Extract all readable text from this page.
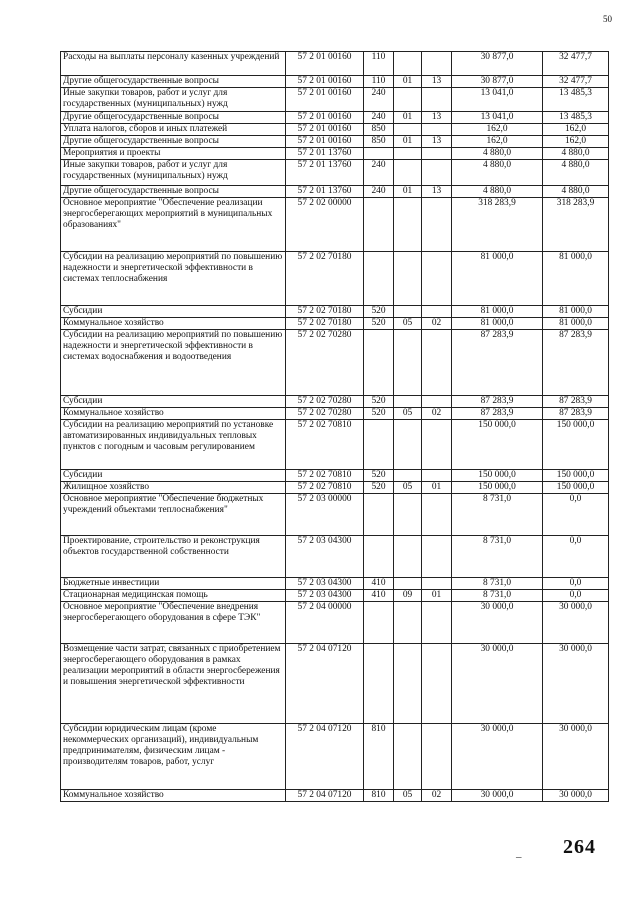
50
Расходы на выплаты персоналу казенных учреждений	57 2 01 00160	110			30 877,0	32 477,7
Другие общегосударственные вопросы	57 2 01 00160	110	01	13	30 877,0	32 477,7
Иные закупки товаров, работ и услуг для государственных (муниципальных) нужд	57 2 01 00160	240			13 041,0	13 485,3
Другие общегосударственные вопросы	57 2 01 00160	240	01	13	13 041,0	13 485,3
Уплата налогов, сборов и иных платежей	57 2 01 00160	850			162,0	162,0
Другие общегосударственные вопросы	57 2 01 00160	850	01	13	162,0	162,0
Мероприятия и проекты	57 2 01 13760				4 880,0	4 880,0
Иные закупки товаров, работ и услуг для государственных (муниципальных) нужд	57 2 01 13760	240			4 880,0	4 880,0
Другие общегосударственные вопросы	57 2 01 13760	240	01	13	4 880,0	4 880,0
Основное мероприятие "Обеспечение реализации энергосберегающих мероприятий в муниципальных образованиях"	57 2 02 00000				318 283,9	318 283,9
Субсидии на реализацию мероприятий по повышению надежности и энергетической эффективности в системах теплоснабжения	57 2 02 70180				81 000,0	81 000,0
Субсидии	57 2 02 70180	520			81 000,0	81 000,0
Коммунальное хозяйство	57 2 02 70180	520	05	02	81 000,0	81 000,0
Субсидии на реализацию мероприятий по повышению надежности и энергетической эффективности в системах водоснабжения и водоотведения	57 2 02 70280				87 283,9	87 283,9
Субсидии	57 2 02 70280	520			87 283,9	87 283,9
Коммунальное хозяйство	57 2 02 70280	520	05	02	87 283,9	87 283,9
Субсидии на реализацию мероприятий по установке автоматизированных индивидуальных тепловых пунктов с погодным и часовым регулированием	57 2 02 70810				150 000,0	150 000,0
Субсидии	57 2 02 70810	520			150 000,0	150 000,0
Жилищное хозяйство	57 2 02 70810	520	05	01	150 000,0	150 000,0
Основное мероприятие "Обеспечение бюджетных учреждений объектами теплоснабжения"	57 2 03 00000				8 731,0	0,0
Проектирование, строительство и реконструкция объектов государственной собственности	57 2 03 04300				8 731,0	0,0
Бюджетные инвестиции	57 2 03 04300	410			8 731,0	0,0
Стационарная медицинская помощь	57 2 03 04300	410	09	01	8 731,0	0,0
Основное мероприятие "Обеспечение внедрения энергосберегающего оборудования в сфере ТЭК"	57 2 04 00000				30 000,0	30 000,0
Возмещение части затрат, связанных с приобретением энергосберегающего оборудования в рамках реализации мероприятий в области энергосбережения и повышения энергетической эффективности	57 2 04 07120				30 000,0	30 000,0
Субсидии юридическим лицам (кроме некоммерческих организаций), индивидуальным предпринимателям, физическим лицам - производителям товаров, работ, услуг	57 2 04 07120	810			30 000,0	30 000,0
Коммунальное хозяйство	57 2 04 07120	810	05	02	30 000,0	30 000,0
– 264
